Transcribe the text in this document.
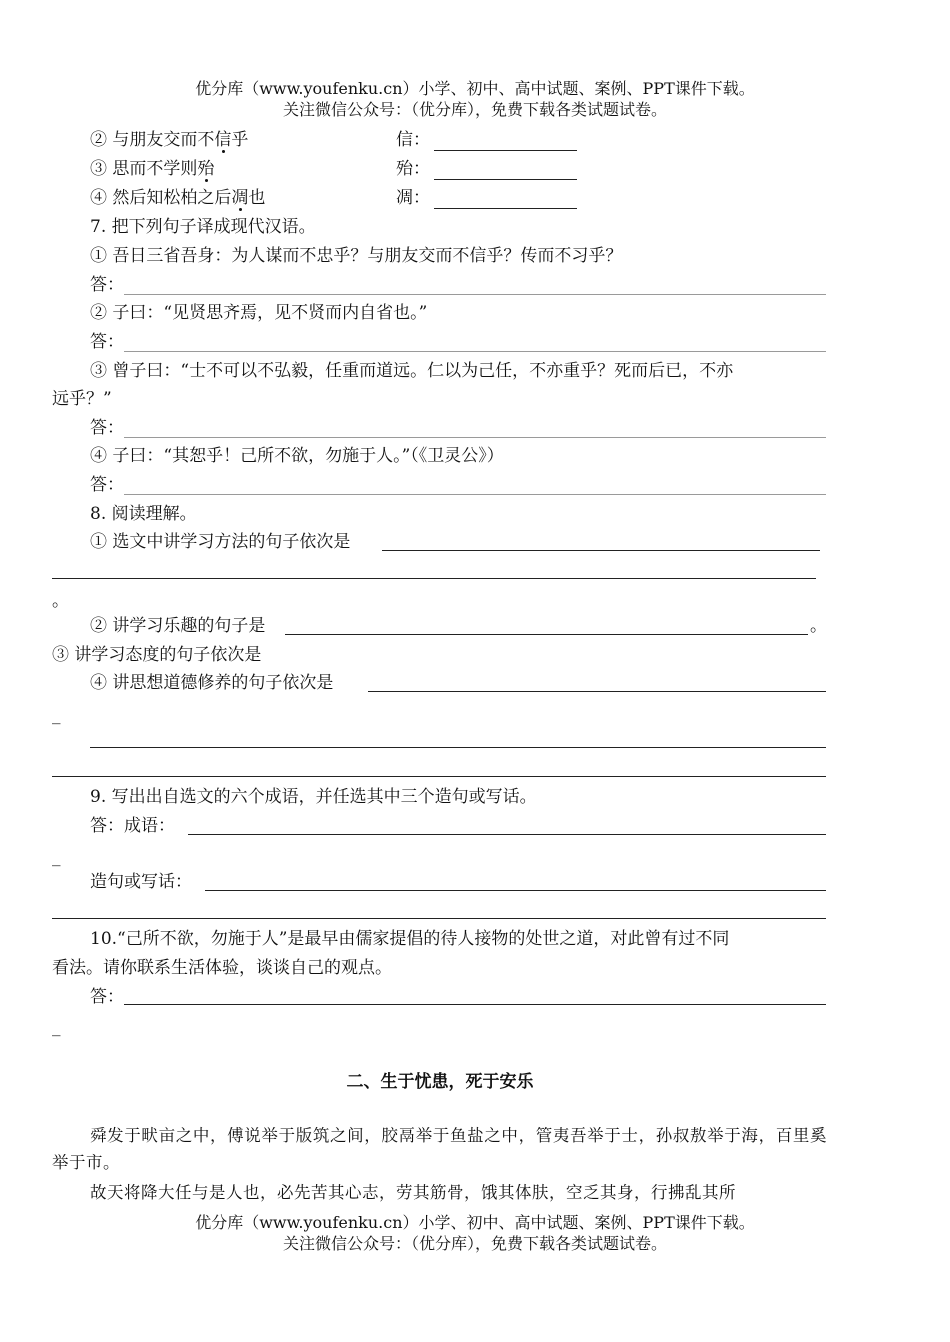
优分库（www.youfenku.cn）小学、初中、高中试题、案例、PPT课件下载。
关注微信公众号：（优分库），免费下载各类试题试卷。
② 与朋友交而不信乎	信：
③ 思而不学则殆	殆：
④ 然后知松柏之后凋也	凋：
7. 把下列句子译成现代汉语。
① 吾日三省吾身：为人谋而不忠乎？与朋友交而不信乎？传而不习乎？
答：
② 子曰：“见贤思齐焉，见不贤而内自省也。”
答：
③ 曾子曰：“士不可以不弘毅，任重而道远。仁以为己任，不亦重乎？死而后已，不亦
远乎？”
答：
④ 子曰：“其恕乎！己所不欲，勿施于人。”（《卫灵公》）
答：
8. 阅读理解。
① 选文中讲学习方法的句子依次是
。
② 讲学习乐趣的句子是	。
③ 讲学习态度的句子依次是
④ 讲思想道德修养的句子依次是
_
9. 写出出自选文的六个成语，并任选其中三个造句或写话。
答：成语：
_
造句或写话：
10.“己所不欲，勿施于人”是最早由儒家提倡的待人接物的处世之道，对此曾有过不同
看法。请你联系生活体验，谈谈自己的观点。
答：
_
二、生于忧患，死于安乐
舜发于畎亩之中，傅说举于版筑之间，胶鬲举于鱼盐之中，管夷吾举于士，孙叔敖举于海，百里奚举于市。
故天将降大任与是人也，必先苦其心志，劳其筋骨，饿其体肤，空乏其身，行拂乱其所
优分库（www.youfenku.cn）小学、初中、高中试题、案例、PPT课件下载。
关注微信公众号：（优分库），免费下载各类试题试卷。
